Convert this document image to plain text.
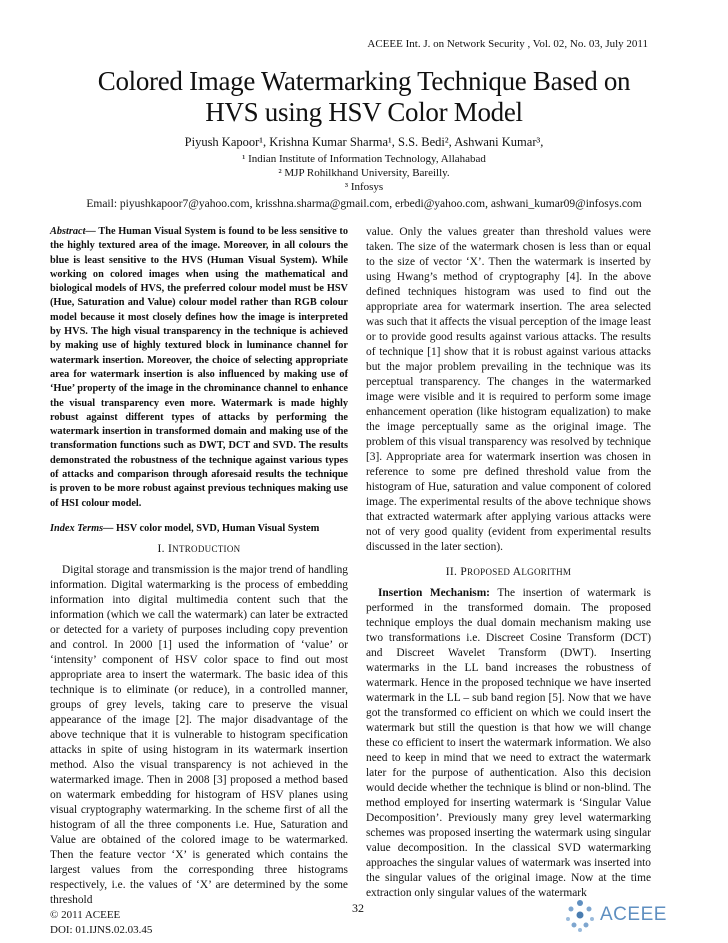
ACEEE Int. J. on Network Security , Vol. 02, No. 03, July 2011
Colored Image Watermarking Technique Based on
HVS using HSV Color Model
Piyush Kapoor¹, Krishna Kumar Sharma¹, S.S. Bedi², Ashwani Kumar³,
¹ Indian Institute of Information Technology, Allahabad
² MJP Rohilkhand University, Bareilly.
³ Infosys
Email: piyushkapoor7@yahoo.com, krisshna.sharma@gmail.com, erbedi@yahoo.com, ashwani_kumar09@infosys.com

Abstract— The Human Visual System is found to be less sensitive to the highly textured area of the image. Moreover, in all colours the blue is least sensitive to the HVS (Human Visual System). While working on colored images when using the mathematical and biological models of HVS, the preferred colour model must be HSV (Hue, Saturation and Value) colour model rather than RGB colour model because it most closely defines how the image is interpreted by HVS. The high visual transparency in the technique is achieved by making use of highly textured block in luminance channel for watermark insertion. Moreover, the choice of selecting appropriate area for watermark insertion is also influenced by making use of ‘Hue’ property of the image in the chrominance channel to enhance the visual transparency even more. Watermark is made highly robust against different types of attacks by performing the watermark insertion in transformed domain and making use of the transformation functions such as DWT, DCT and SVD. The results demonstrated the robustness of the technique against various types of attacks and comparison through aforesaid results the technique is proven to be more robust against previous techniques making use of HSI colour model.

Index Terms— HSV color model, SVD, Human Visual System

I. INTRODUCTION

Digital storage and transmission is the major trend of handling information. Digital watermarking is the process of embedding information into digital multimedia content such that the information (which we call the watermark) can later be extracted or detected for a variety of purposes including copy prevention and control. In 2000 [1] used the information of ‘value’ or ‘intensity’ component of HSV color space to find out most appropriate area to insert the watermark. The basic idea of this technique is to eliminate (or reduce), in a controlled manner, groups of grey levels, taking care to preserve the visual appearance of the image [2]. The major disadvantage of the above technique that it is vulnerable to histogram specification attacks in spite of using histogram in its watermark insertion method. Also the visual transparency is not achieved in the watermarked image. Then in 2008 [3] proposed a method based on watermark embedding for histogram of HSV planes using visual cryptography watermarking. In the scheme first of all the histogram of all the three components i.e. Hue, Saturation and Value are obtained of the colored image to be watermarked. Then the feature vector ‘X’ is generated which contains the largest values from the corresponding three histograms respectively, i.e. the values of ‘X’ are determined by the some threshold

value. Only the values greater than threshold values were taken. The size of the watermark chosen is less than or equal to the size of vector ‘X’. Then the watermark is inserted by using Hwang’s method of cryptography [4]. In the above defined techniques histogram was used to find out the appropriate area for watermark insertion. The area selected was such that it affects the visual perception of the image least or to provide good results against various attacks. The results of technique [1] show that it is robust against various attacks but the major problem prevailing in the technique was its perceptual transparency. The changes in the watermarked image were visible and it is required to perform some image enhancement operation (like histogram equalization) to make the image perceptually same as the original image. The problem of this visual transparency was resolved by technique [3]. Appropriate area for watermark insertion was chosen in reference to some pre defined threshold value from the histogram of Hue, saturation and value component of colored image. The experimental results of the above technique shows that extracted watermark after applying various attacks were not of very good quality (evident from experimental results discussed in the later section).

II. PROPOSED ALGORITHM

Insertion Mechanism: The insertion of watermark is performed in the transformed domain. The proposed technique employs the dual domain mechanism making use two transformations i.e. Discreet Cosine Transform (DCT) and Discreet Wavelet Transform (DWT). Inserting watermarks in the LL band increases the robustness of watermark. Hence in the proposed technique we have inserted watermark in the LL – sub band region [5]. Now that we have got the transformed co efficient on which we could insert the watermark but still the question is that how we will change these co efficient to insert the watermark information. We also need to keep in mind that we need to extract the watermark later for the purpose of authentication. Also this decision would decide whether the technique is blind or non-blind. The method employed for inserting watermark is ‘Singular Value Decomposition’. Previously many grey level watermarking schemes was proposed inserting the watermark using singular value decomposition. In the classical SVD watermarking approaches the singular values of watermark was inserted into the singular values of the original image. Now at the time extraction only singular values of the watermark

32
© 2011 ACEEE
DOI: 01.IJNS.02.03.45
ACEEE
